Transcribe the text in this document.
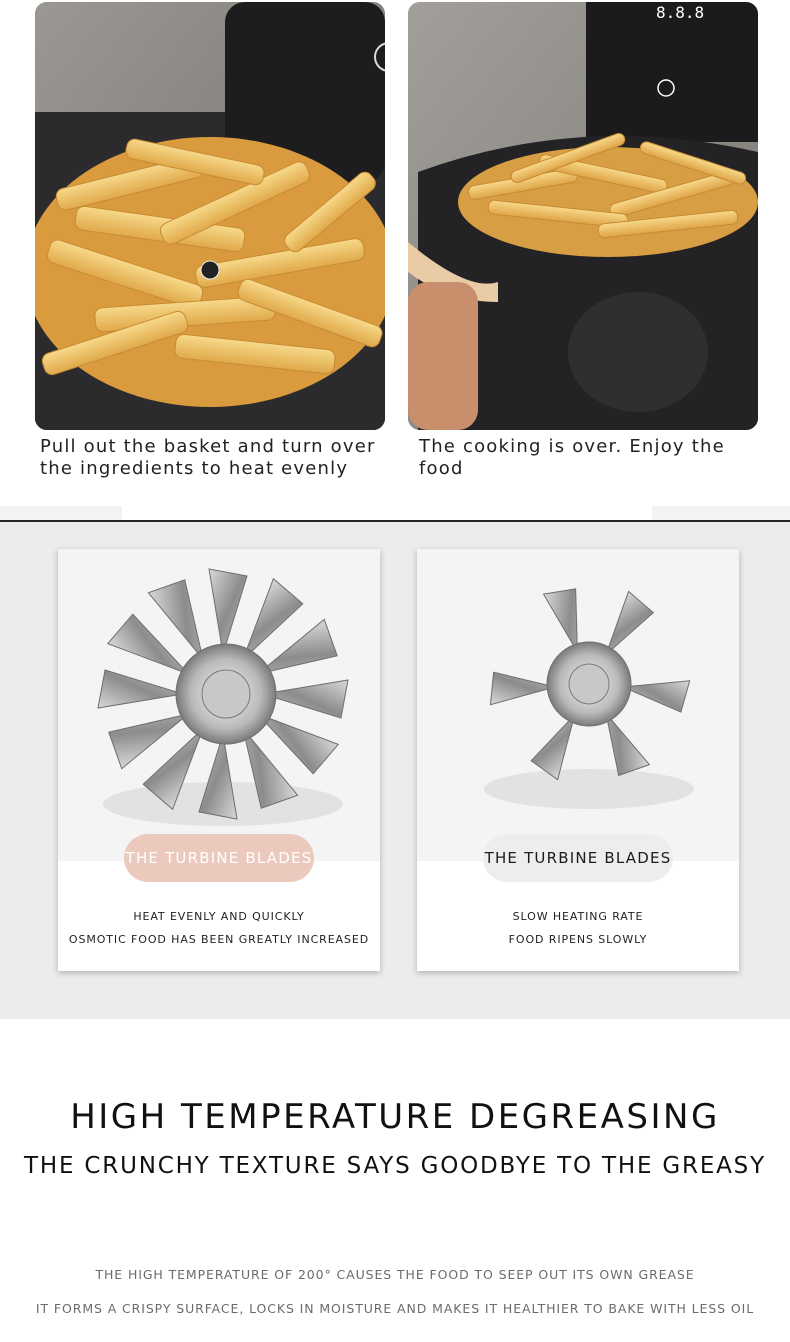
8.8.8
Pull out the basket and turn over
the ingredients to heat evenly
The cooking is over. Enjoy the food
THE TURBINE BLADES
HEAT EVENLY AND QUICKLY
OSMOTIC FOOD HAS BEEN GREATLY INCREASED
THE TURBINE BLADES
SLOW HEATING RATE
FOOD RIPENS SLOWLY
HIGH TEMPERATURE DEGREASING
THE CRUNCHY TEXTURE SAYS GOODBYE TO THE GREASY
THE HIGH TEMPERATURE OF 200° CAUSES THE FOOD TO SEEP OUT ITS OWN GREASE
IT FORMS A CRISPY SURFACE, LOCKS IN MOISTURE AND MAKES IT HEALTHIER TO BAKE WITH LESS OIL
